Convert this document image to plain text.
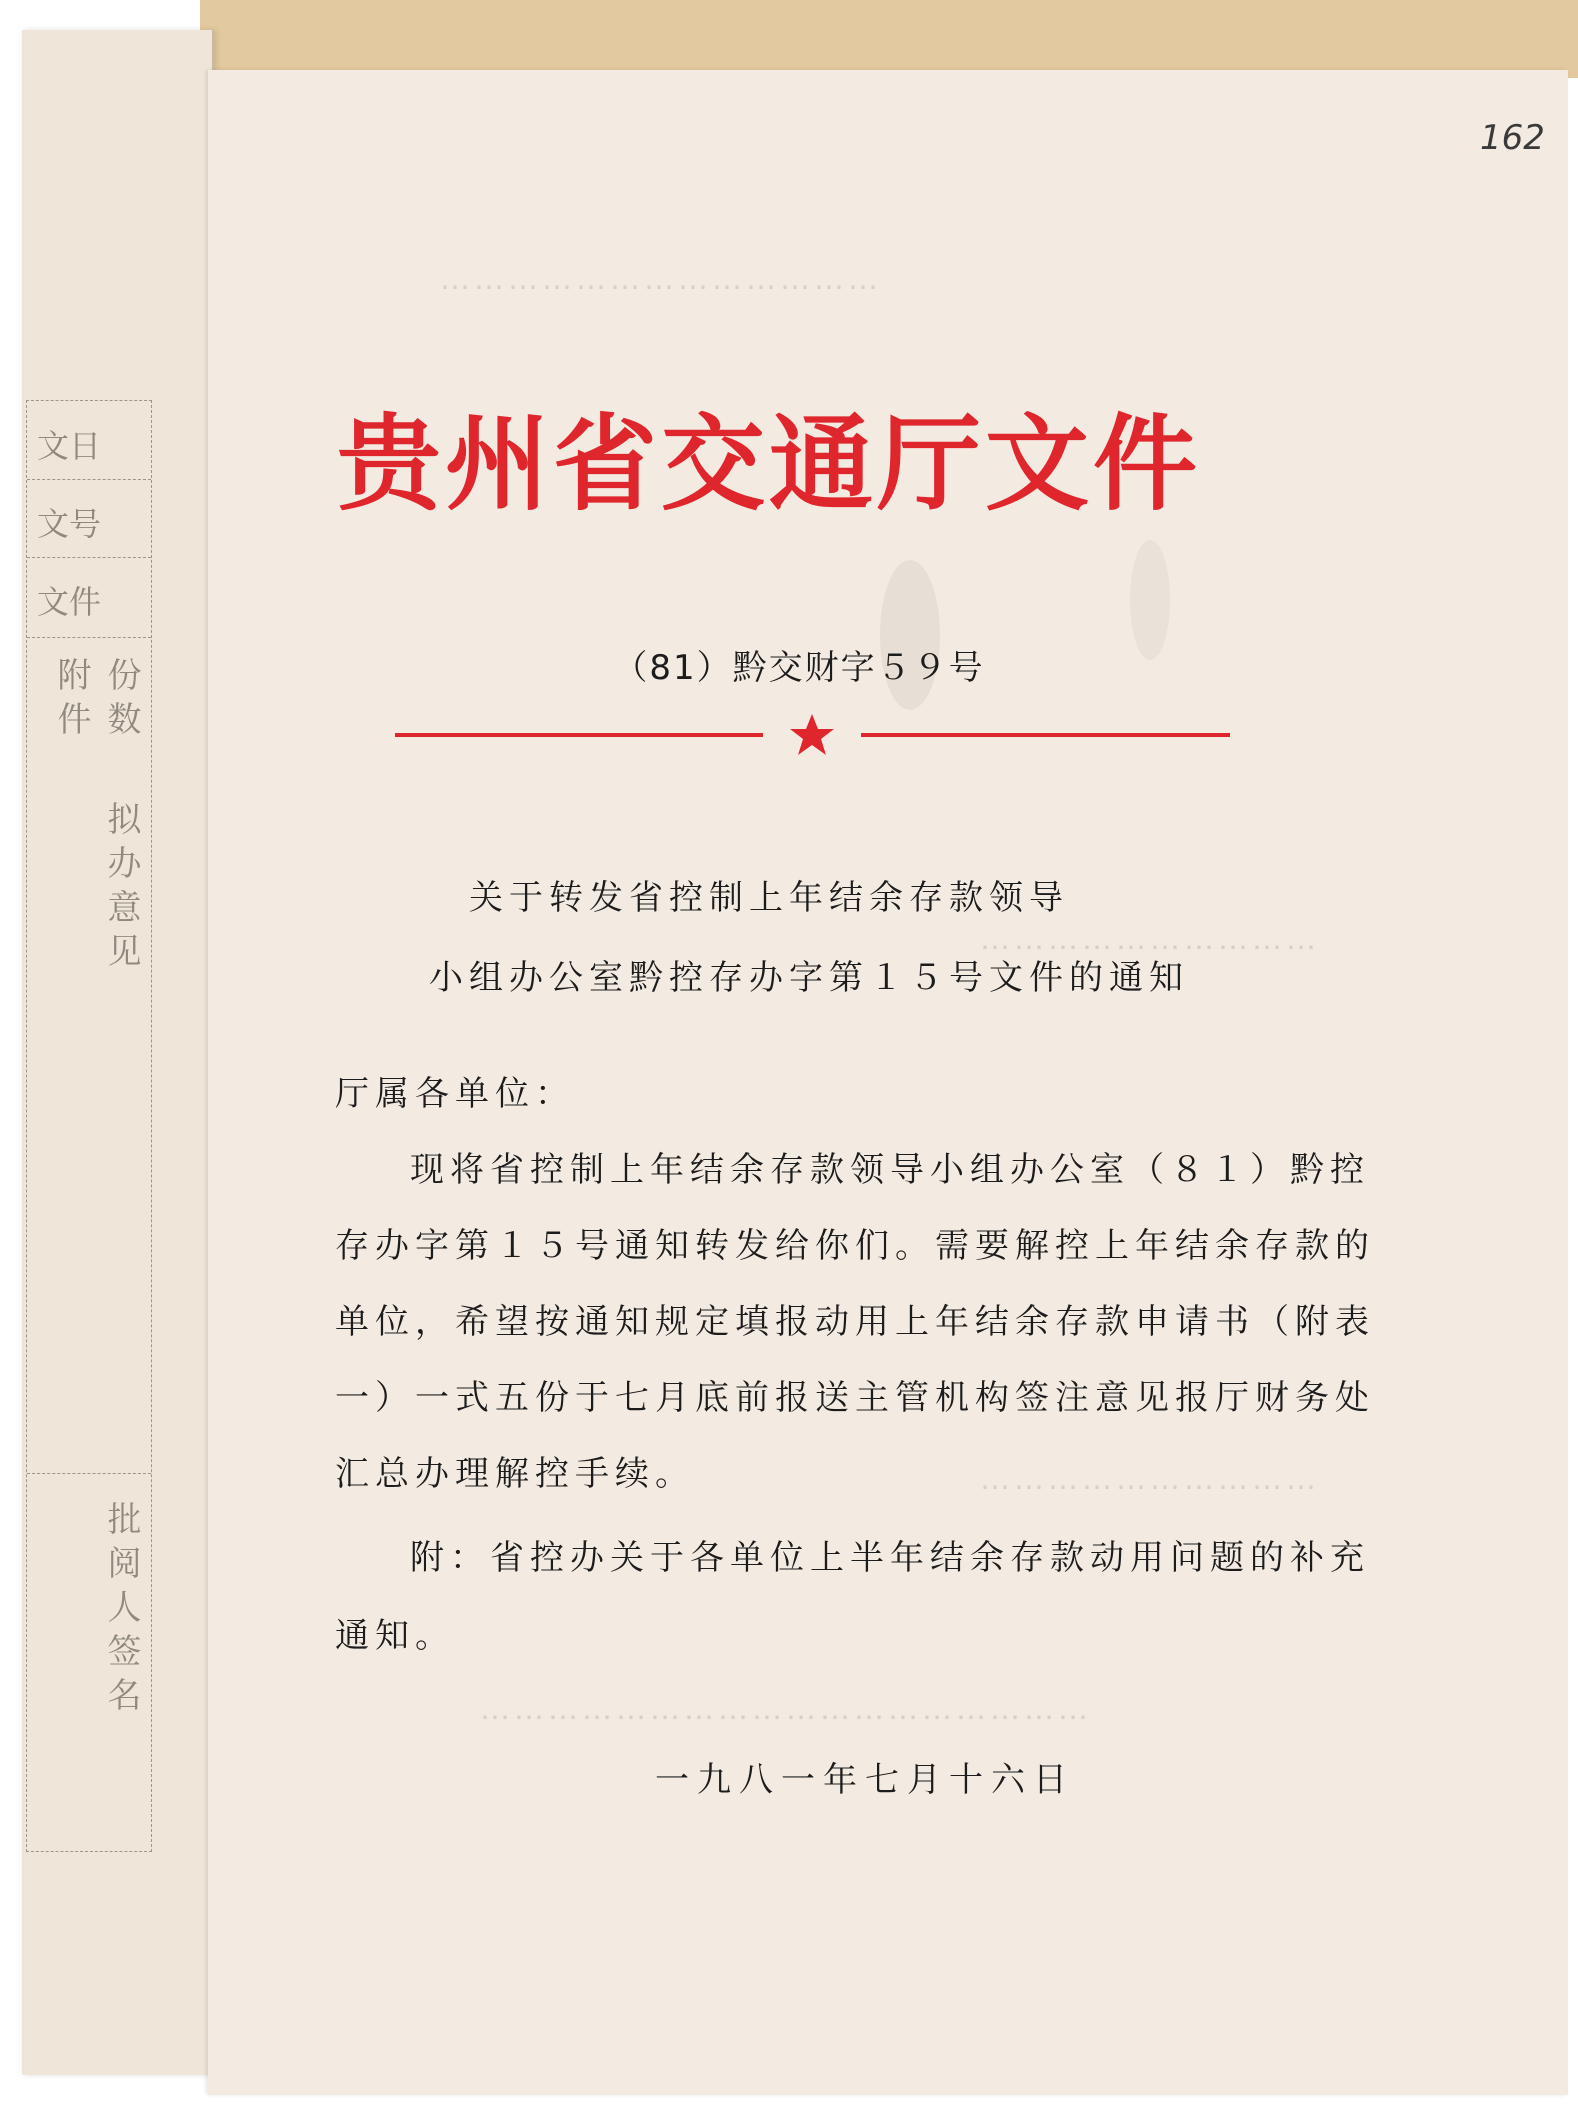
文日
文号
文件
附件 份数
拟办意见
批阅人签名
⋯⋯⋯⋯⋯⋯⋯⋯⋯⋯⋯⋯⋯
⋯⋯⋯⋯⋯⋯⋯⋯⋯⋯
⋯⋯⋯⋯⋯⋯⋯⋯⋯⋯
⋯⋯⋯⋯⋯⋯⋯⋯⋯⋯⋯⋯⋯⋯⋯⋯⋯⋯
162
贵州省交通厅文件
（81）黔交财字５９号
关于转发省控制上年结余存款领导
小组办公室黔控存办字第１５号文件的通知
厅属各单位：
现将省控制上年结余存款领导小组办公室（８１）黔控
存办字第１５号通知转发给你们。需要解控上年结余存款的
单位，希望按通知规定填报动用上年结余存款申请书（附表
一）一式五份于七月底前报送主管机构签注意见报厅财务处
汇总办理解控手续。
附：省控办关于各单位上半年结余存款动用问题的补充
通知。
一九八一年七月十六日
